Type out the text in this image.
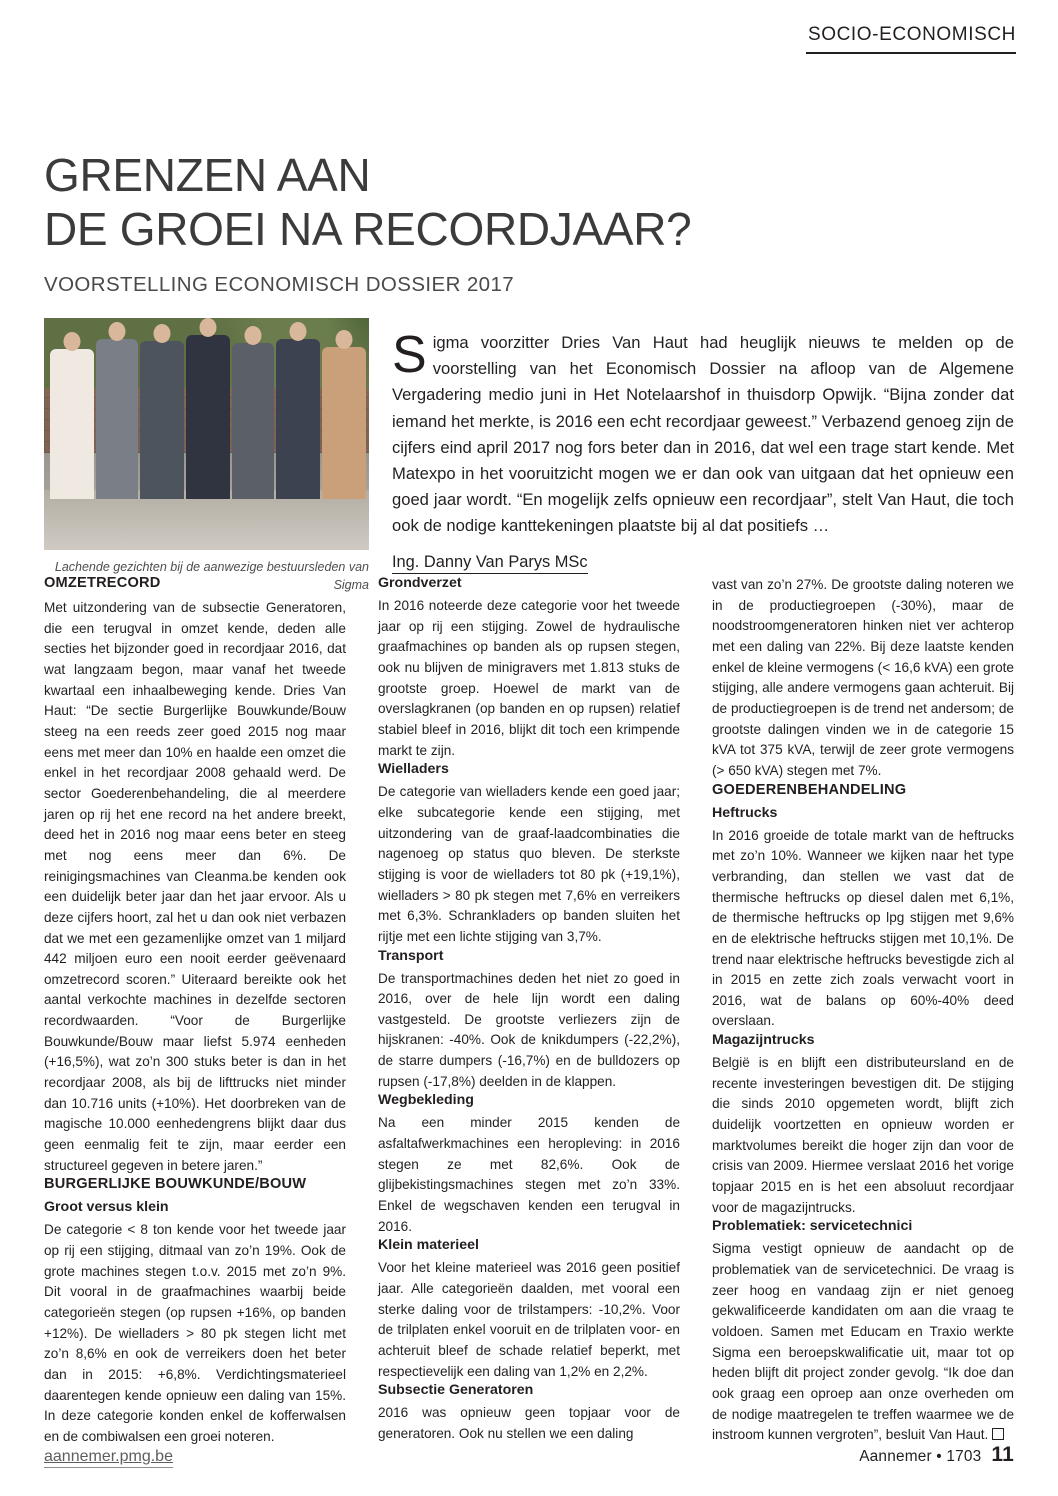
SOCIO-ECONOMISCH
GRENZEN AAN
DE GROEI NA RECORDJAAR?
VOORSTELLING ECONOMISCH DOSSIER 2017
Lachende gezichten bij de aanwezige bestuursleden van Sigma

Sigma voorzitter Dries Van Haut had heuglijk nieuws te melden op de voorstelling van het Economisch Dossier na afloop van de Algemene Vergadering medio juni in Het Notelaarshof in thuisdorp Opwijk. “Bijna zonder dat iemand het merkte, is 2016 een echt recordjaar geweest.” Verbazend genoeg zijn de cijfers eind april 2017 nog fors beter dan in 2016, dat wel een trage start kende. Met Matexpo in het vooruitzicht mogen we er dan ook van uitgaan dat het opnieuw een goed jaar wordt. “En mogelijk zelfs opnieuw een recordjaar”, stelt Van Haut, die toch ook de nodige kanttekeningen plaatste bij al dat positiefs …

Ing. Danny Van Parys MSc
OMZETRECORD

Met uitzondering van de subsectie Generatoren, die een terugval in omzet kende, deden alle secties het bijzonder goed in recordjaar 2016, dat wat langzaam begon, maar vanaf het tweede kwartaal een inhaalbeweging kende. Dries Van Haut: “De sectie Burgerlijke Bouwkunde/Bouw steeg na een reeds zeer goed 2015 nog maar eens met meer dan 10% en haalde een omzet die enkel in het recordjaar 2008 gehaald werd. De sector Goederenbehandeling, die al meerdere jaren op rij het ene record na het andere breekt, deed het in 2016 nog maar eens beter en steeg met nog eens meer dan 6%. De reinigingsmachines van Cleanma.be kenden ook een duidelijk beter jaar dan het jaar ervoor. Als u deze cijfers hoort, zal het u dan ook niet verbazen dat we met een gezamenlijke omzet van 1 miljard 442 miljoen euro een nooit eerder geëvenaard omzetrecord scoren.” Uiteraard bereikte ook het aantal verkochte machines in dezelfde sectoren recordwaarden. “Voor de Burgerlijke Bouwkunde/Bouw maar liefst 5.974 eenheden (+16,5%), wat zo’n 300 stuks beter is dan in het recordjaar 2008, als bij de lifttrucks niet minder dan 10.716 units (+10%). Het doorbreken van de magische 10.000 eenhedengrens blijkt daar dus geen eenmalig feit te zijn, maar eerder een structureel gegeven in betere jaren.”

BURGERLIJKE BOUWKUNDE/BOUW
Groot versus klein

De categorie < 8 ton kende voor het tweede jaar op rij een stijging, ditmaal van zo’n 19%. Ook de grote machines stegen t.o.v. 2015 met zo’n 9%. Dit vooral in de graafmachines waarbij beide categorieën stegen (op rupsen +16%, op banden +12%). De wielladers > 80 pk stegen licht met zo’n 8,6% en ook de verreikers doen het beter dan in 2015: +6,8%. Verdichtingsmaterieel daarentegen kende opnieuw een daling van 15%. In deze categorie konden enkel de kofferwalsen en de combiwalsen een groei noteren.

Grondverzet

In 2016 noteerde deze categorie voor het tweede jaar op rij een stijging. Zowel de hydraulische graafmachines op banden als op rupsen stegen, ook nu blijven de minigravers met 1.813 stuks de grootste groep. Hoewel de markt van de overslagkranen (op banden en op rupsen) relatief stabiel bleef in 2016, blijkt dit toch een krimpende markt te zijn.

Wielladers

De categorie van wielladers kende een goed jaar; elke subcategorie kende een stijging, met uitzondering van de graaf-laadcombinaties die nagenoeg op status quo bleven. De sterkste stijging is voor de wielladers tot 80 pk (+19,1%), wielladers > 80 pk stegen met 7,6% en verreikers met 6,3%. Schrankladers op banden sluiten het rijtje met een lichte stijging van 3,7%.

Transport

De transportmachines deden het niet zo goed in 2016, over de hele lijn wordt een daling vastgesteld. De grootste verliezers zijn de hijskranen: -40%. Ook de knikdumpers (-22,2%), de starre dumpers (-16,7%) en de bulldozers op rupsen (-17,8%) deelden in de klappen.

Wegbekleding

Na een minder 2015 kenden de asfaltafwerkmachines een heropleving: in 2016 stegen ze met 82,6%. Ook de glijbekistingsmachines stegen met zo’n 33%. Enkel de wegschaven kenden een terugval in 2016.

Klein materieel

Voor het kleine materieel was 2016 geen positief jaar. Alle categorieën daalden, met vooral een sterke daling voor de trilstampers: -10,2%. Voor de trilplaten enkel vooruit en de trilplaten voor- en achteruit bleef de schade relatief beperkt, met respectievelijk een daling van 1,2% en 2,2%.

Subsectie Generatoren

2016 was opnieuw geen topjaar voor de generatoren. Ook nu stellen we een daling

vast van zo’n 27%. De grootste daling noteren we in de productiegroepen (-30%), maar de noodstroomgeneratoren hinken niet ver achterop met een daling van 22%. Bij deze laatste kenden enkel de kleine vermogens (< 16,6 kVA) een grote stijging, alle andere vermogens gaan achteruit. Bij de productiegroepen is de trend net andersom; de grootste dalingen vinden we in de categorie 15 kVA tot 375 kVA, terwijl de zeer grote vermogens (> 650 kVA) stegen met 7%.

GOEDERENBEHANDELING
Heftrucks

In 2016 groeide de totale markt van de heftrucks met zo’n 10%. Wanneer we kijken naar het type verbranding, dan stellen we vast dat de thermische heftrucks op diesel dalen met 6,1%, de thermische heftrucks op lpg stijgen met 9,6% en de elektrische heftrucks stijgen met 10,1%. De trend naar elektrische heftrucks bevestigde zich al in 2015 en zette zich zoals verwacht voort in 2016, wat de balans op 60%-40% deed overslaan.

Magazijntrucks

België is en blijft een distributeursland en de recente investeringen bevestigen dit. De stijging die sinds 2010 opgemeten wordt, blijft zich duidelijk voortzetten en opnieuw worden er marktvolumes bereikt die hoger zijn dan voor de crisis van 2009. Hiermee verslaat 2016 het vorige topjaar 2015 en is het een absoluut recordjaar voor de magazijntrucks.

Problematiek: servicetechnici

Sigma vestigt opnieuw de aandacht op de problematiek van de servicetechnici. De vraag is zeer hoog en vandaag zijn er niet genoeg gekwalificeerde kandidaten om aan die vraag te voldoen. Samen met Educam en Traxio werkte Sigma een beroepskwalificatie uit, maar tot op heden blijft dit project zonder gevolg. “Ik doe dan ook graag een oproep aan onze overheden om de nodige maatregelen te treffen waarmee we de instroom kunnen vergroten”, besluit Van Haut.

aannemer.pmg.be	Aannemer • 1703 11
